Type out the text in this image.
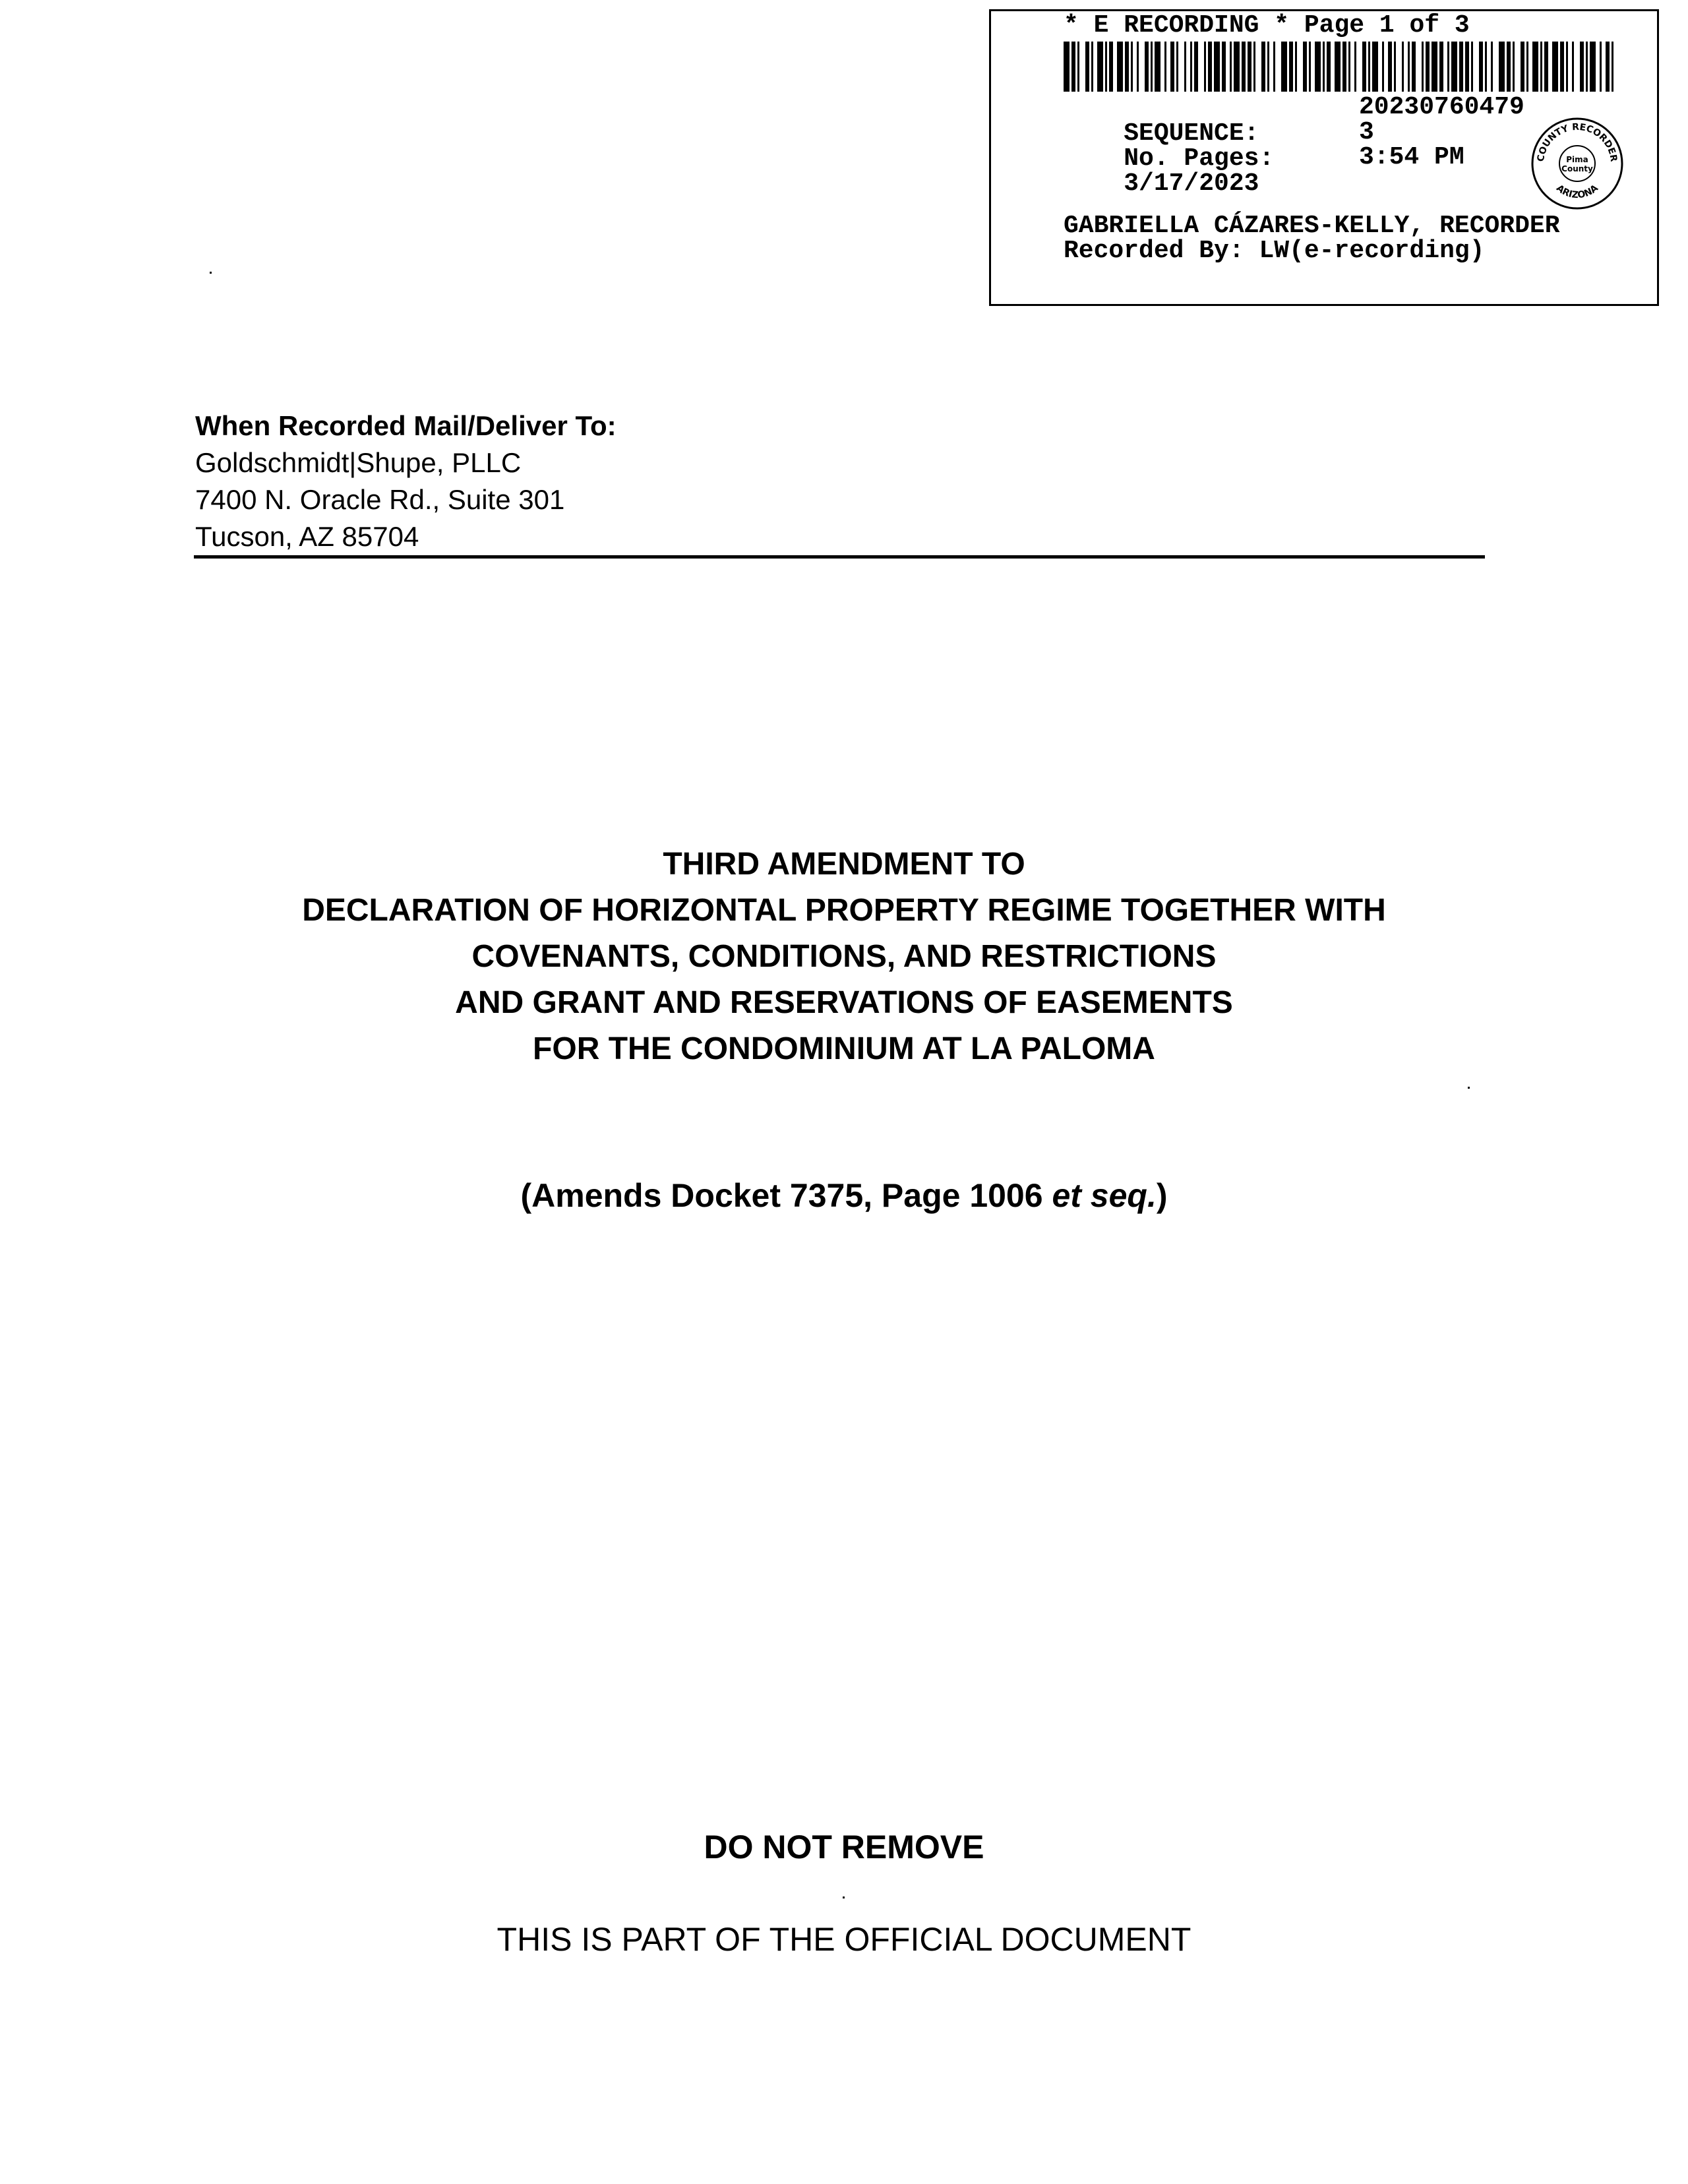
* E RECORDING * Page 1 of 3

SEQUENCE:

20230760479

No. Pages:

3

3/17/2023

3:54 PM

	COUNTY RECORDER
ARIZONA
Pima
County
GABRIELLA CÁZARES-KELLY, RECORDER
Recorded By: LW(e-recording)
When Recorded Mail/Deliver To:
Goldschmidt|Shupe, PLLC
7400 N. Oracle Rd., Suite 301
Tucson, AZ 85704
THIRD AMENDMENT TO
DECLARATION OF HORIZONTAL PROPERTY REGIME TOGETHER WITH
COVENANTS, CONDITIONS, AND RESTRICTIONS
AND GRANT AND RESERVATIONS OF EASEMENTS
FOR THE CONDOMINIUM AT LA PALOMA
(Amends Docket 7375, Page 1006 et seq.)
DO NOT REMOVE
THIS IS PART OF THE OFFICIAL DOCUMENT
